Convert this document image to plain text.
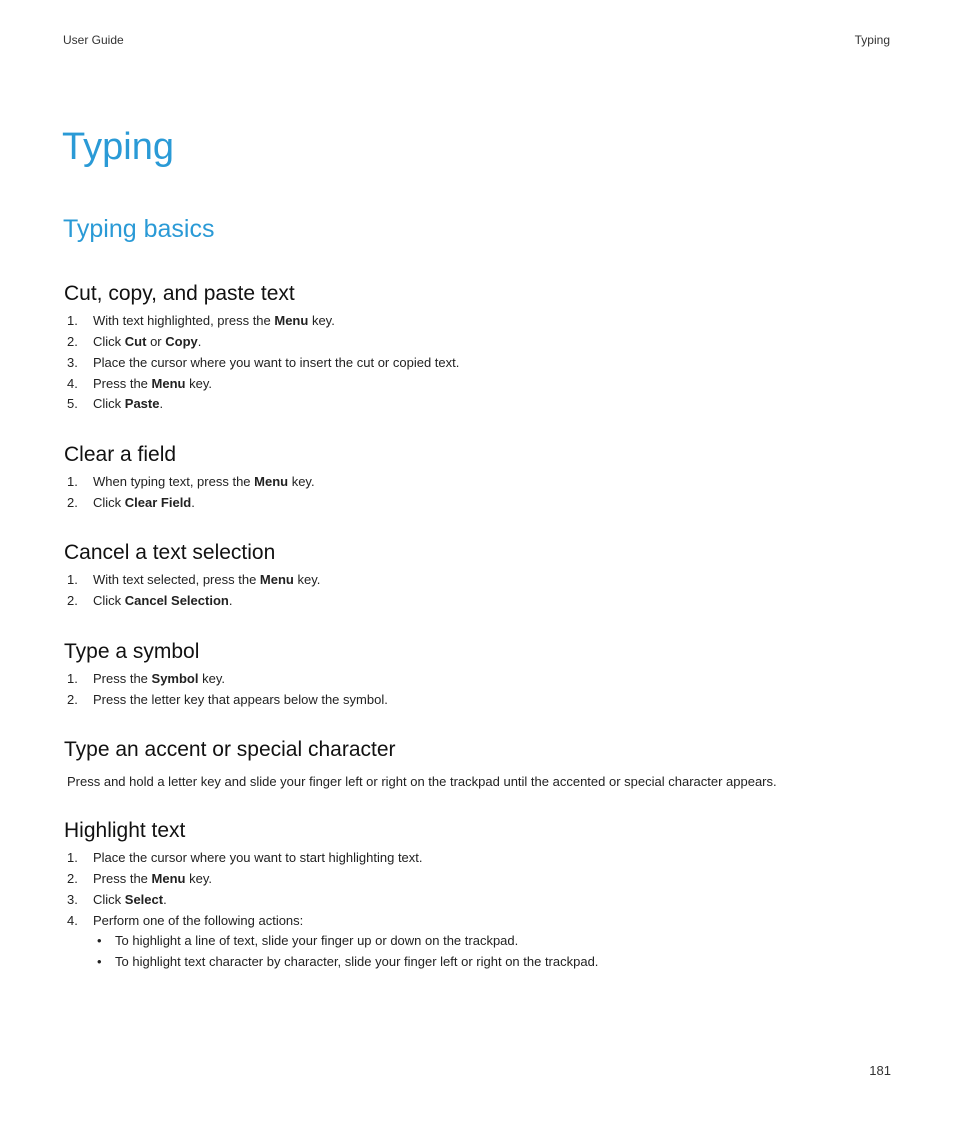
User Guide	Typing
Typing
Typing basics
Cut, copy, and paste text
1. With text highlighted, press the Menu key.
2. Click Cut or Copy.
3. Place the cursor where you want to insert the cut or copied text.
4. Press the Menu key.
5. Click Paste.
Clear a field
1. When typing text, press the Menu key.
2. Click Clear Field.
Cancel a text selection
1. With text selected, press the Menu key.
2. Click Cancel Selection.
Type a symbol
1. Press the Symbol key.
2. Press the letter key that appears below the symbol.
Type an accent or special character

Press and hold a letter key and slide your finger left or right on the trackpad until the accented or special character appears.

Highlight text
1. Place the cursor where you want to start highlighting text.
2. Press the Menu key.
3. Click Select.
4. Perform one of the following actions:
• To highlight a line of text, slide your finger up or down on the trackpad.
• To highlight text character by character, slide your finger left or right on the trackpad.
181
